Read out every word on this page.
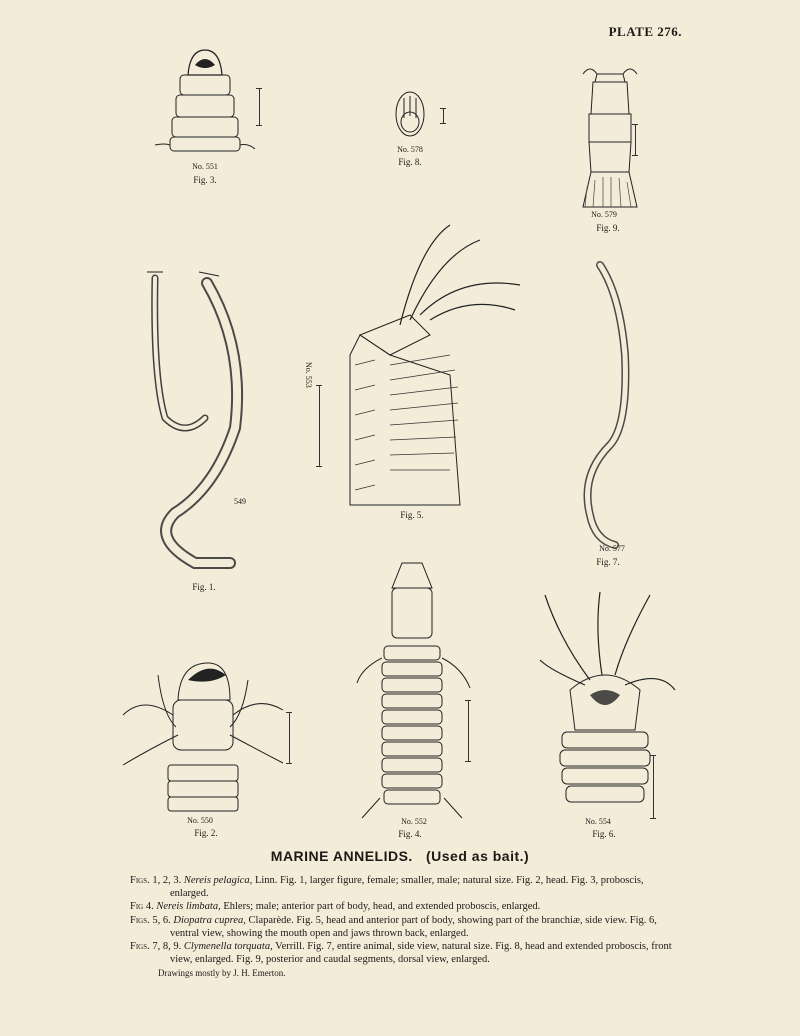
PLATE 276.
No. 551
Fig. 3.
No. 578
Fig. 8.
No. 579
Fig. 9.
549
Fig. 1.
No. 553
Fig. 5.
No. 577
Fig. 7.
No. 550
Fig. 2.
No. 552
Fig. 4.
No. 554
Fig. 6.
MARINE ANNELIDS. (Used as bait.)

Figs. 1, 2, 3. Nereis pelagica, Linn. Fig. 1, larger figure, female; smaller, male; natural size. Fig. 2, head. Fig. 3, proboscis, enlarged.

Fig 4. Nereis limbata, Ehlers; male; anterior part of body, head, and extended proboscis, enlarged.

Figs. 5, 6. Diopatra cuprea, Claparède. Fig. 5, head and anterior part of body, showing part of the branchiæ, side view. Fig. 6, ventral view, showing the mouth open and jaws thrown back, enlarged.

Figs. 7, 8, 9. Clymenella torquata, Verrill. Fig. 7, entire animal, side view, natural size. Fig. 8, head and extended proboscis, front view, enlarged. Fig. 9, posterior and caudal segments, dorsal view, enlarged.

Drawings mostly by J. H. Emerton.
